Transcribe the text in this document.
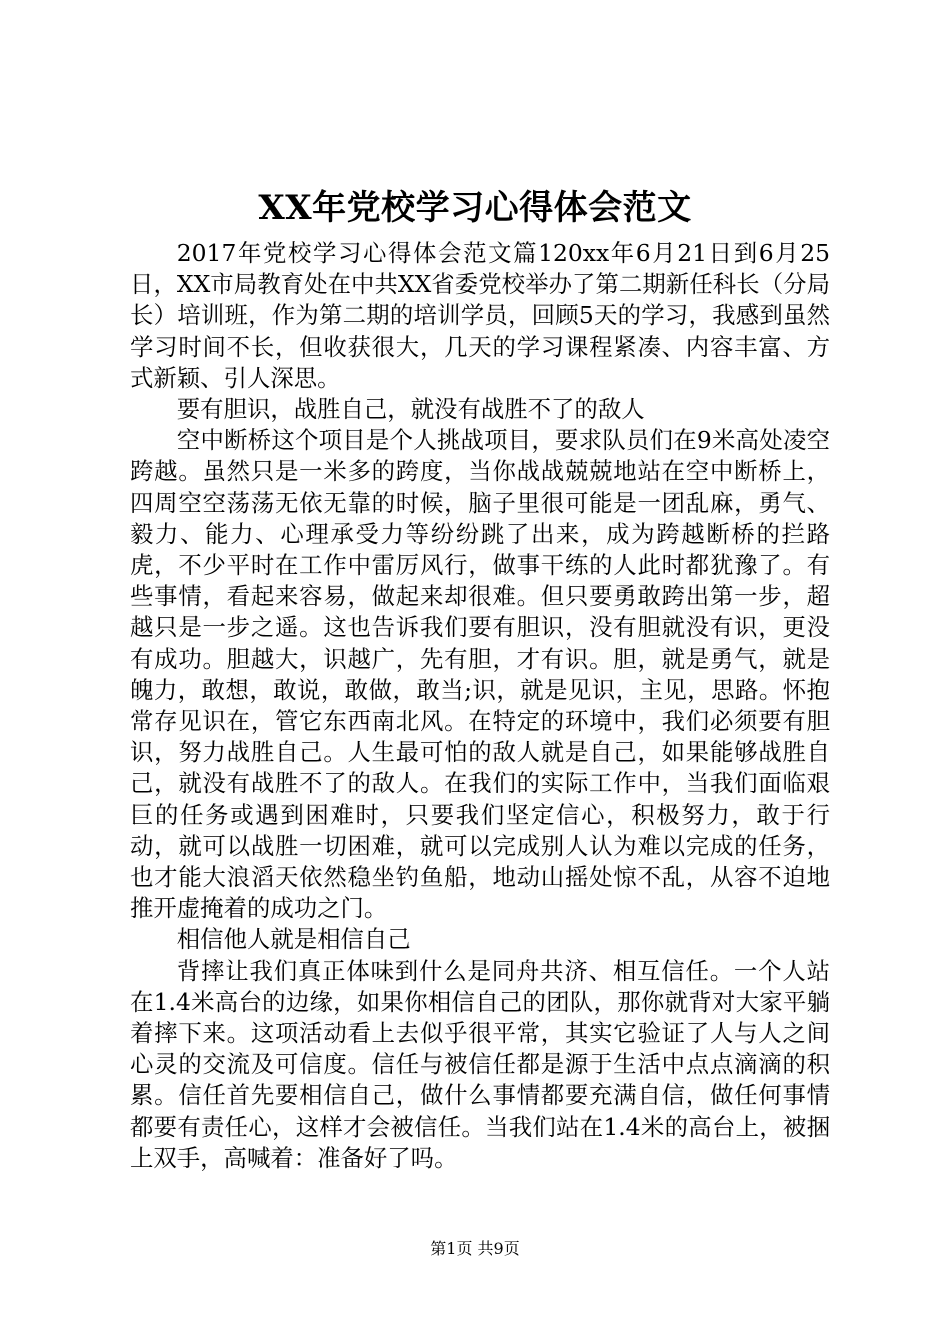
XX年党校学习心得体会范文

2017年党校学习心得体会范文篇120xx年6月21日到6月25日，XX市局教育处在中共XX省委党校举办了第二期新任科长（分局长）培训班，作为第二期的培训学员，回顾5天的学习，我感到虽然学习时间不长，但收获很大，几天的学习课程紧凑、内容丰富、方式新颖、引人深思。

要有胆识，战胜自己，就没有战胜不了的敌人

空中断桥这个项目是个人挑战项目，要求队员们在9米高处凌空跨越。虽然只是一米多的跨度，当你战战兢兢地站在空中断桥上，四周空空荡荡无依无靠的时候，脑子里很可能是一团乱麻，勇气、毅力、能力、心理承受力等纷纷跳了出来，成为跨越断桥的拦路虎，不少平时在工作中雷厉风行，做事干练的人此时都犹豫了。有些事情，看起来容易，做起来却很难。但只要勇敢跨出第一步，超越只是一步之遥。这也告诉我们要有胆识，没有胆就没有识，更没有成功。胆越大，识越广，先有胆，才有识。胆，就是勇气，就是魄力，敢想，敢说，敢做，敢当;识，就是见识，主见，思路。怀抱常存见识在，管它东西南北风。在特定的环境中，我们必须要有胆识，努力战胜自己。人生最可怕的敌人就是自己，如果能够战胜自己，就没有战胜不了的敌人。在我们的实际工作中，当我们面临艰巨的任务或遇到困难时，只要我们坚定信心，积极努力，敢于行动，就可以战胜一切困难，就可以完成别人认为难以完成的任务，也才能大浪滔天依然稳坐钓鱼船，地动山摇处惊不乱，从容不迫地推开虚掩着的成功之门。

相信他人就是相信自己

背摔让我们真正体味到什么是同舟共济、相互信任。一个人站在1.4米高台的边缘，如果你相信自己的团队，那你就背对大家平躺着摔下来。这项活动看上去似乎很平常，其实它验证了人与人之间心灵的交流及可信度。信任与被信任都是源于生活中点点滴滴的积累。信任首先要相信自己，做什么事情都要充满自信，做任何事情都要有责任心，这样才会被信任。当我们站在1.4米的高台上，被捆上双手，高喊着：准备好了吗。

第1页 共9页
